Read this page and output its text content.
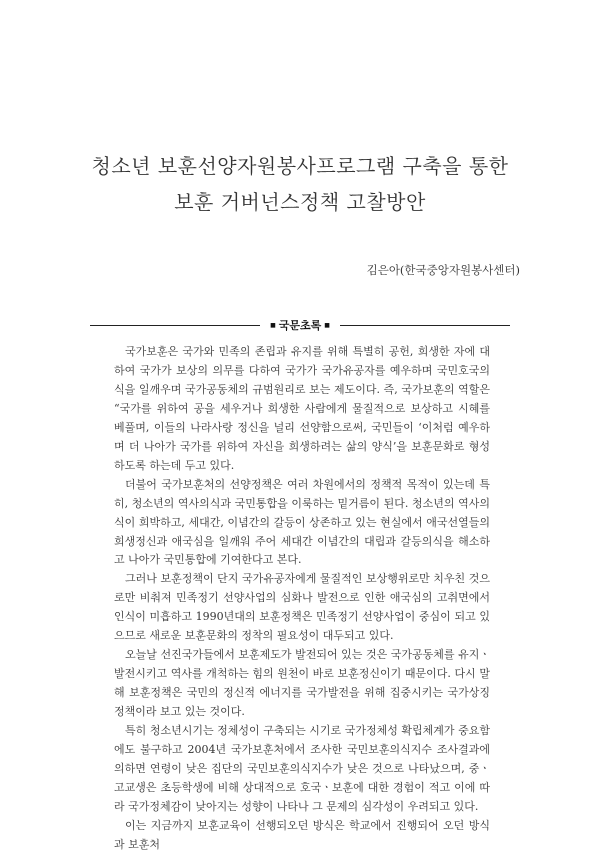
청소년 보훈선양자원봉사프로그램 구축을 통한
보훈 거버넌스정책 고찰방안
김은아(한국중앙자원봉사센터)
■ 국문초록 ■

국가보훈은 국가와 민족의 존립과 유지를 위해 특별히 공헌, 희생한 자에 대하여 국가가 보상의 의무를 다하여 국가가 국가유공자를 예우하며 국민호국의식을 일깨우며 국가공동체의 규범원리로 보는 제도이다. 즉, 국가보훈의 역할은 “국가를 위하여 공을 세우거나 희생한 사람에게 물질적으로 보상하고 시혜를 베풀며, 이들의 나라사랑 정신을 널리 선양함으로써, 국민들이 ‘이처럼 예우하며 더 나아가 국가를 위하여 자신을 희생하려는 삶의 양식’을 보훈문화로 형성하도록 하는데 두고 있다.

더불어 국가보훈처의 선양정책은 여러 차원에서의 정책적 목적이 있는데 특히, 청소년의 역사의식과 국민통합을 이룩하는 밑거름이 된다. 청소년의 역사의식이 희박하고, 세대간, 이념간의 갈등이 상존하고 있는 현실에서 애국선열들의 희생정신과 애국심을 일깨워 주어 세대간 이념간의 대립과 갈등의식을 해소하고 나아가 국민통합에 기여한다고 본다.

그러나 보훈정책이 단지 국가유공자에게 물질적인 보상행위로만 치우친 것으로만 비춰져 민족정기 선양사업의 심화나 발전으로 인한 애국심의 고취면에서 인식이 미흡하고 1990년대의 보훈정책은 민족정기 선양사업이 중심이 되고 있으므로 새로운 보훈문화의 정착의 필요성이 대두되고 있다.

오늘날 선진국가들에서 보훈제도가 발전되어 있는 것은 국가공동체를 유지ㆍ발전시키고 역사를 개척하는 힘의 원천이 바로 보훈정신이기 때문이다. 다시 말해 보훈정책은 국민의 정신적 에너지를 국가발전을 위해 집중시키는 국가상징정책이라 보고 있는 것이다.

특히 청소년시기는 정체성이 구축되는 시기로 국가정체성 확립체계가 중요함에도 불구하고 2004년 국가보훈처에서 조사한 국민보훈의식지수 조사결과에 의하면 연령이 낮은 집단의 국민보훈의식지수가 낮은 것으로 나타났으며, 중ㆍ고교생은 초등학생에 비해 상대적으로 호국ㆍ보훈에 대한 경험이 적고 이에 따라 국가정체감이 낮아지는 성향이 나타나 그 문제의 심각성이 우려되고 있다.

이는 지금까지 보훈교육이 선행되오던 방식은 학교에서 진행되어 오던 방식과 보훈처
